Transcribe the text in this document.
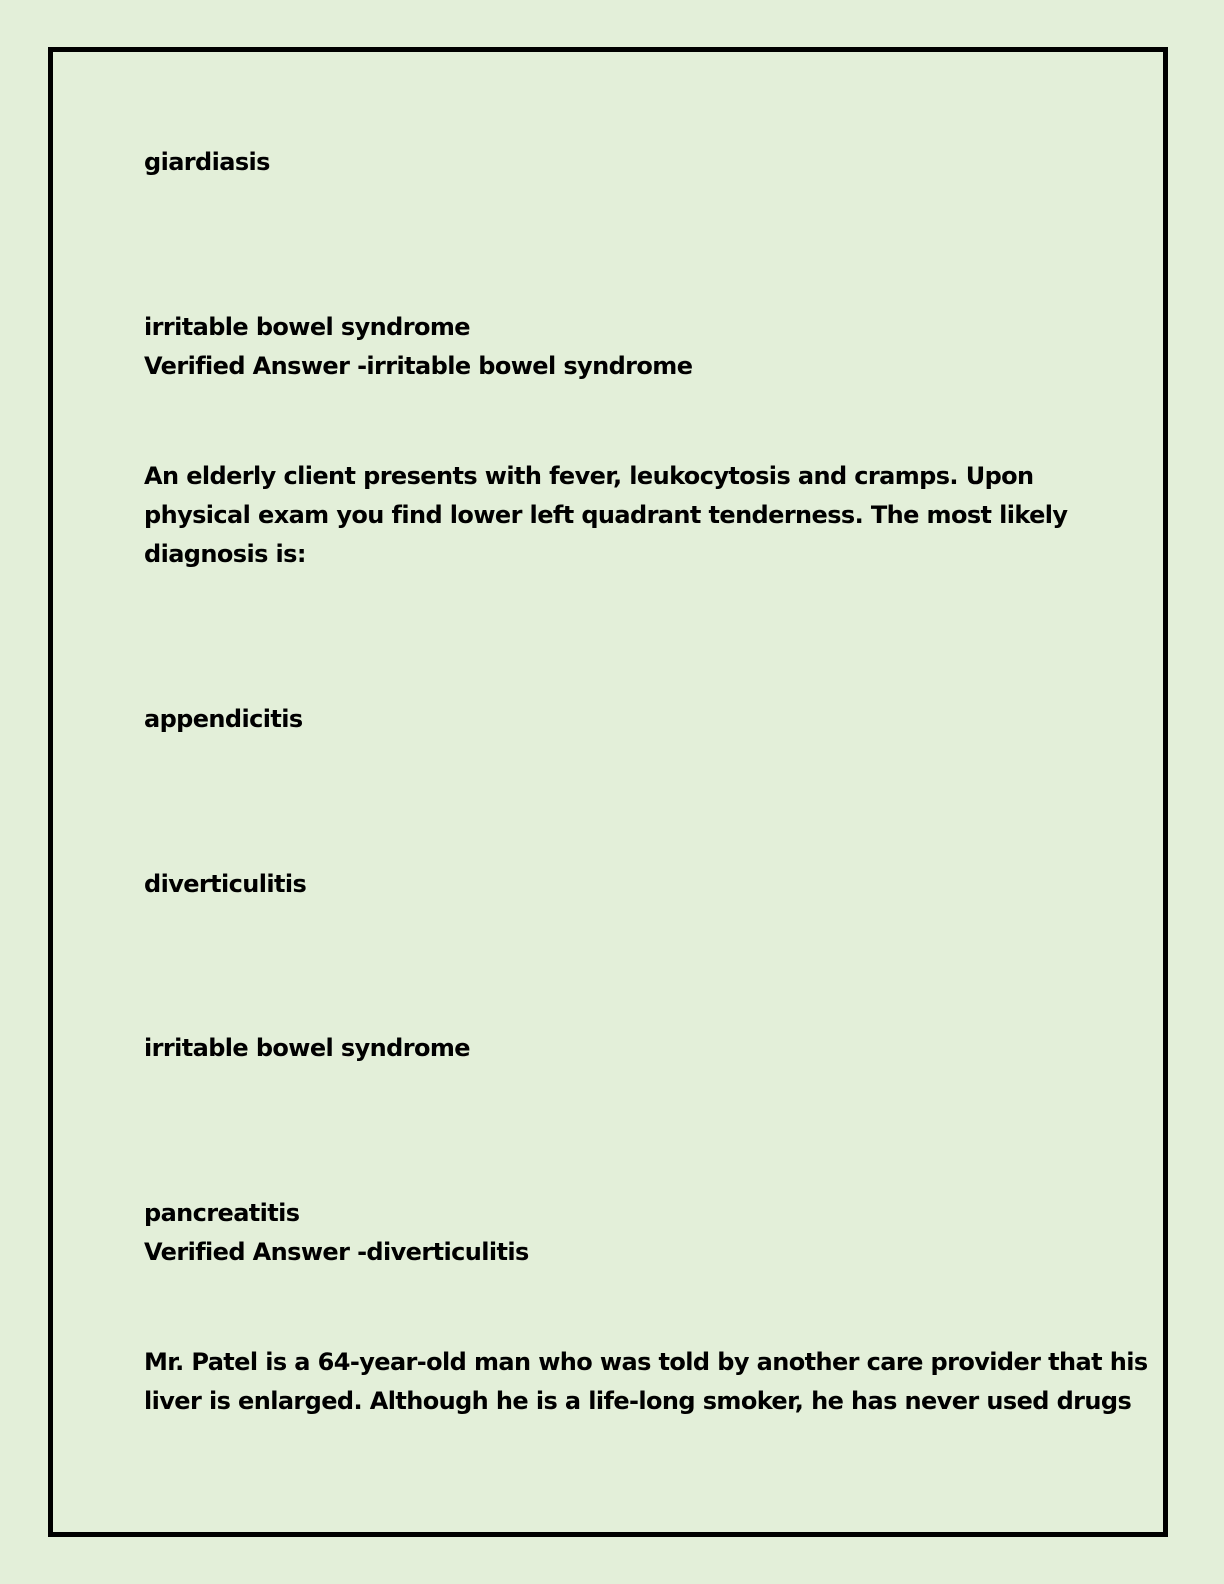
giardiasis

irritable bowel syndrome

Verified Answer -irritable bowel syndrome

An elderly client presents with fever, leukocytosis and cramps. Upon

physical exam you find lower left quadrant tenderness. The most likely

diagnosis is:

appendicitis

diverticulitis

irritable bowel syndrome

pancreatitis

Verified Answer -diverticulitis

Mr. Patel is a 64-year-old man who was told by another care provider that his

liver is enlarged. Although he is a life-long smoker, he has never used drugs
